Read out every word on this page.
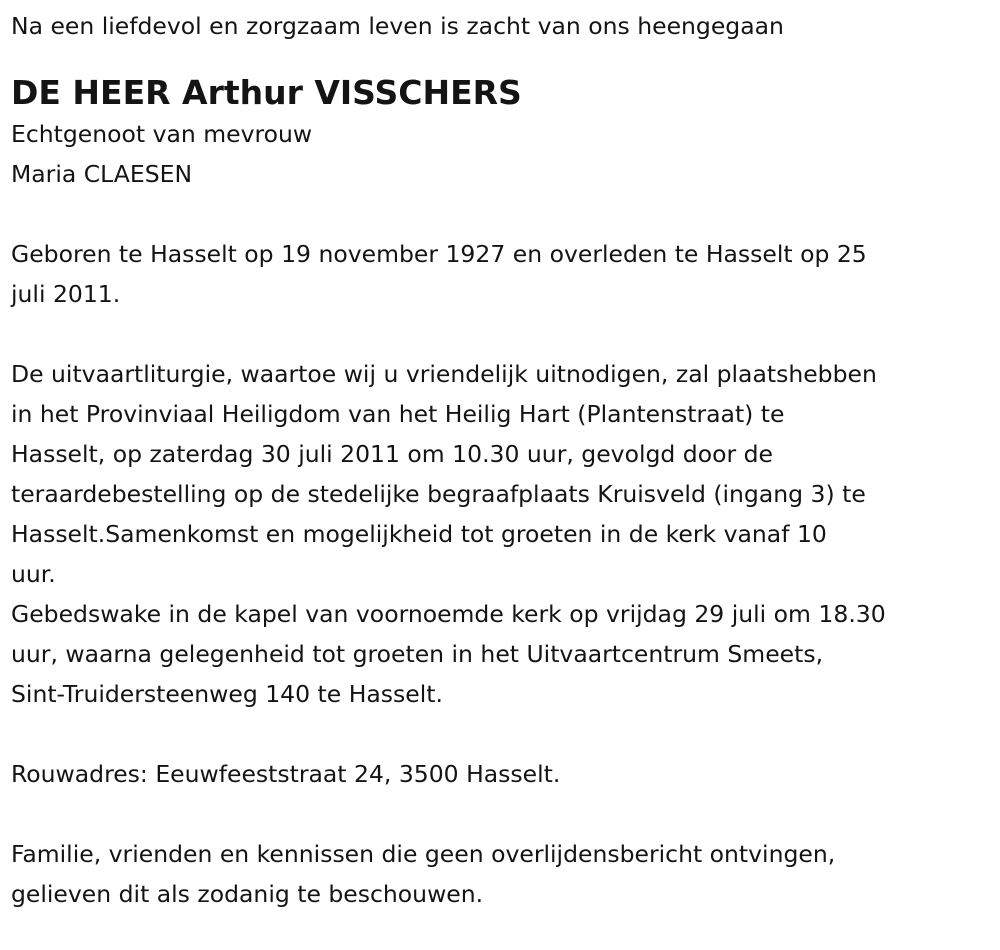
Na een liefdevol en zorgzaam leven is zacht van ons heengegaan

DE HEER Arthur VISSCHERS

Echtgenoot van mevrouw

Maria CLAESEN

Geboren te Hasselt op 19 november 1927 en overleden te Hasselt op 25

juli 2011.

De uitvaartliturgie, waartoe wij u vriendelijk uitnodigen, zal plaatshebben

in het Provinviaal Heiligdom van het Heilig Hart (Plantenstraat) te

Hasselt, op zaterdag 30 juli 2011 om 10.30 uur, gevolgd door de

teraardebestelling op de stedelijke begraafplaats Kruisveld (ingang 3) te

Hasselt.Samenkomst en mogelijkheid tot groeten in de kerk vanaf 10

uur.

Gebedswake in de kapel van voornoemde kerk op vrijdag 29 juli om 18.30

uur, waarna gelegenheid tot groeten in het Uitvaartcentrum Smeets,

Sint-Truidersteenweg 140 te Hasselt.

Rouwadres: Eeuwfeeststraat 24, 3500 Hasselt.

Familie, vrienden en kennissen die geen overlijdensbericht ontvingen,

gelieven dit als zodanig te beschouwen.
